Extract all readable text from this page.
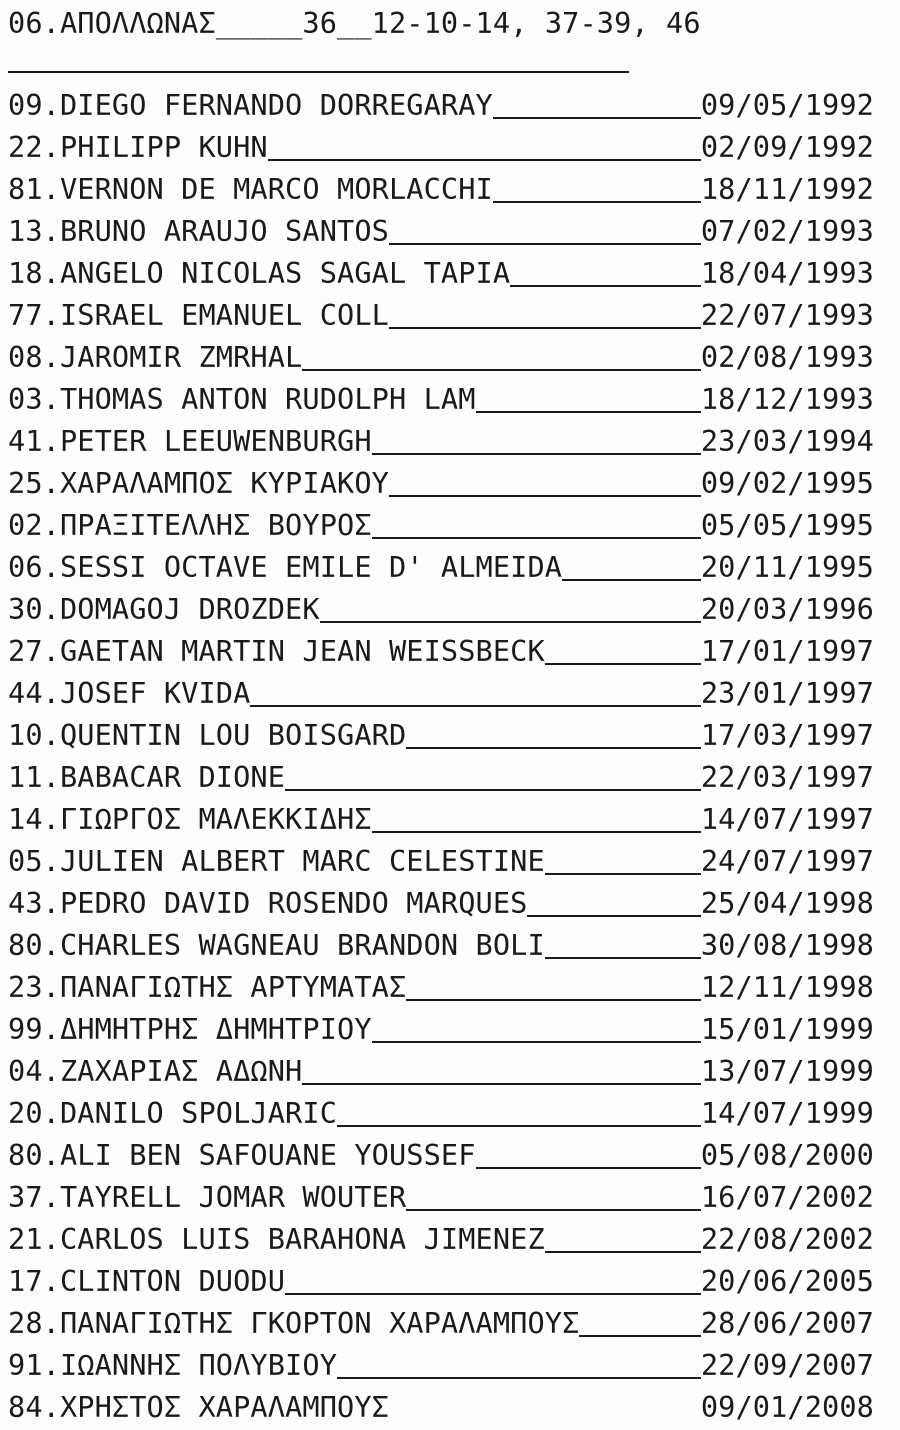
06.ΑΠΟΛΛΩΝΑΣ_____36__12-10-14, 37-39, 46

09 . DIEGO FERNANDO DORREGARAY	09/05/1992
22 . PHILIPP KUHN	02/09/1992
81 . VERNON DE MARCO MORLACCHI	18/11/1992
13 . BRUNO ARAUJO SANTOS	07/02/1993
18 . ANGELO NICOLAS SAGAL TAPIA	18/04/1993
77 . ISRAEL EMANUEL COLL	22/07/1993
08 . JAROMIR ZMRHAL	02/08/1993
03 . THOMAS ANTON RUDOLPH LAM	18/12/1993
41 . PETER LEEUWENBURGH	23/03/1994
25 . ΧΑΡΑΛΑΜΠΟΣ ΚΥΡΙΑΚΟΥ	09/02/1995
02 . ΠΡΑΞΙΤΕΛΛΗΣ ΒΟΥΡΟΣ	05/05/1995
06 . SESSI OCTAVE EMILE D' ALMEIDA	20/11/1995
30 . DOMAGOJ DROZDEK	20/03/1996
27 . GAETAN MARTIN JEAN WEISSBECK	17/01/1997
44 . JOSEF KVIDA	23/01/1997
10 . QUENTIN LOU BOISGARD	17/03/1997
11 . BABACAR DIONE	22/03/1997
14 . ΓΙΩΡΓΟΣ ΜΑΛΕΚΚΙΔΗΣ	14/07/1997
05 . JULIEN ALBERT MARC CELESTINE	24/07/1997
43 . PEDRO DAVID ROSENDO MARQUES	25/04/1998
80 . CHARLES WAGNEAU BRANDON BOLI	30/08/1998
23 . ΠΑΝΑΓΙΩΤΗΣ ΑΡΤΥΜΑΤΑΣ	12/11/1998
99 . ΔΗΜΗΤΡΗΣ ΔΗΜΗΤΡΙΟΥ	15/01/1999
04 . ΖΑΧΑΡΙΑΣ ΑΔΩΝΗ	13/07/1999
20 . DANILO SPOLJARIC	14/07/1999
80 . ALI BEN SAFOUANE YOUSSEF	05/08/2000
37 . TAYRELL JOMAR WOUTER	16/07/2002
21 . CARLOS LUIS BARAHONA JIMENEZ	22/08/2002
17 . CLINTON DUODU	20/06/2005
28 . ΠΑΝΑΓΙΩΤΗΣ ΓΚΟΡΤΟΝ ΧΑΡΑΛΑΜΠΟΥΣ	28/06/2007
91 . ΙΩΑΝΝΗΣ ΠΟΛΥΒΙΟΥ	22/09/2007
84 . ΧΡΗΣΤΟΣ ΧΑΡΑΛΑΜΠΟΥΣ	09/01/2008
